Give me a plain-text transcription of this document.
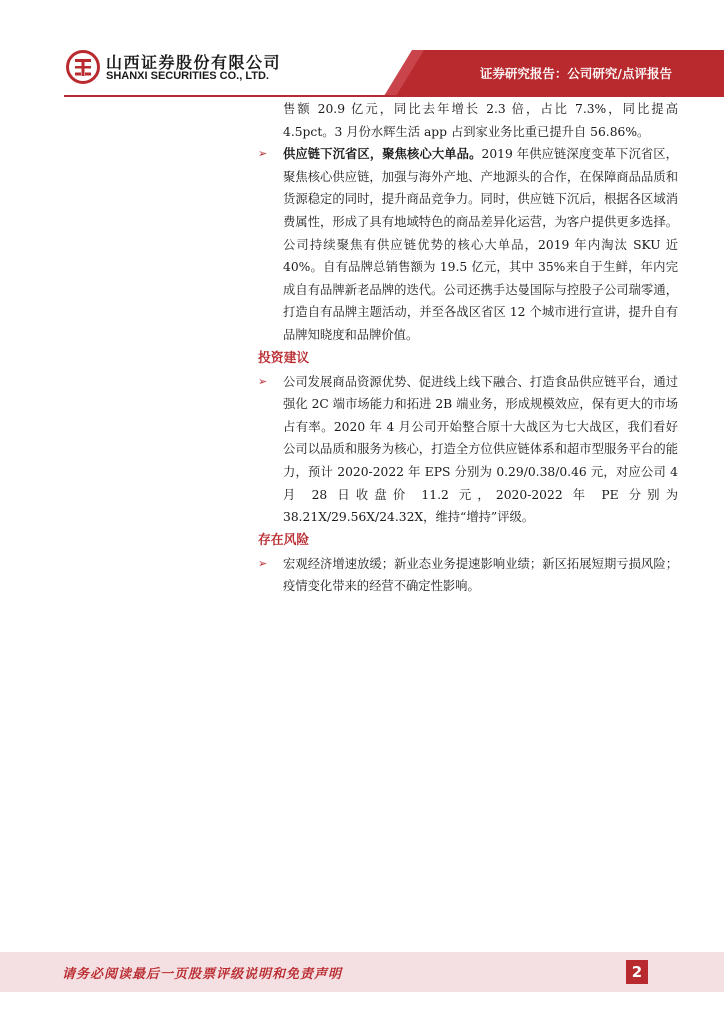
山西证券股份有限公司
SHANXI SECURITIES CO., LTD.	证券研究报告：公司研究/点评报告

售额 20.9 亿元，同比去年增长 2.3 倍，占比 7.3%，同比提高 4.5pct。3 月份水辉生活 app 占到家业务比重已提升自 56.86%。

➢ 供应链下沉省区，聚焦核心大单品。2019 年供应链深度变革下沉省区，聚焦核心供应链，加强与海外产地、产地源头的合作，在保障商品品质和货源稳定的同时，提升商品竞争力。同时，供应链下沉后，根据各区域消费属性，形成了具有地域特色的商品差异化运营，为客户提供更多选择。公司持续聚焦有供应链优势的核心大单品，2019 年内淘汰 SKU 近 40%。自有品牌总销售额为 19.5 亿元，其中 35%来自于生鲜，年内完成自有品牌新老品牌的迭代。公司还携手达曼国际与控股子公司瑞零通，打造自有品牌主题活动，并至各战区省区 12 个城市进行宣讲，提升自有品牌知晓度和品牌价值。

投资建议

➢ 公司发展商品资源优势、促进线上线下融合、打造食品供应链平台，通过强化 2C 端市场能力和拓进 2B 端业务，形成规模效应，保有更大的市场占有率。2020 年 4 月公司开始整合原十大战区为七大战区，我们看好公司以品质和服务为核心，打造全方位供应链体系和超市型服务平台的能力，预计 2020-2022 年 EPS 分别为 0.29/0.38/0.46 元，对应公司 4 月 28 日收盘价 11.2 元，2020-2022 年 PE 分别为 38.21X/29.56X/24.32X，维持“增持”评级。

存在风险

➢ 宏观经济增速放缓；新业态业务提速影响业绩；新区拓展短期亏损风险；疫情变化带来的经营不确定性影响。

请务必阅读最后一页股票评级说明和免责声明	2
